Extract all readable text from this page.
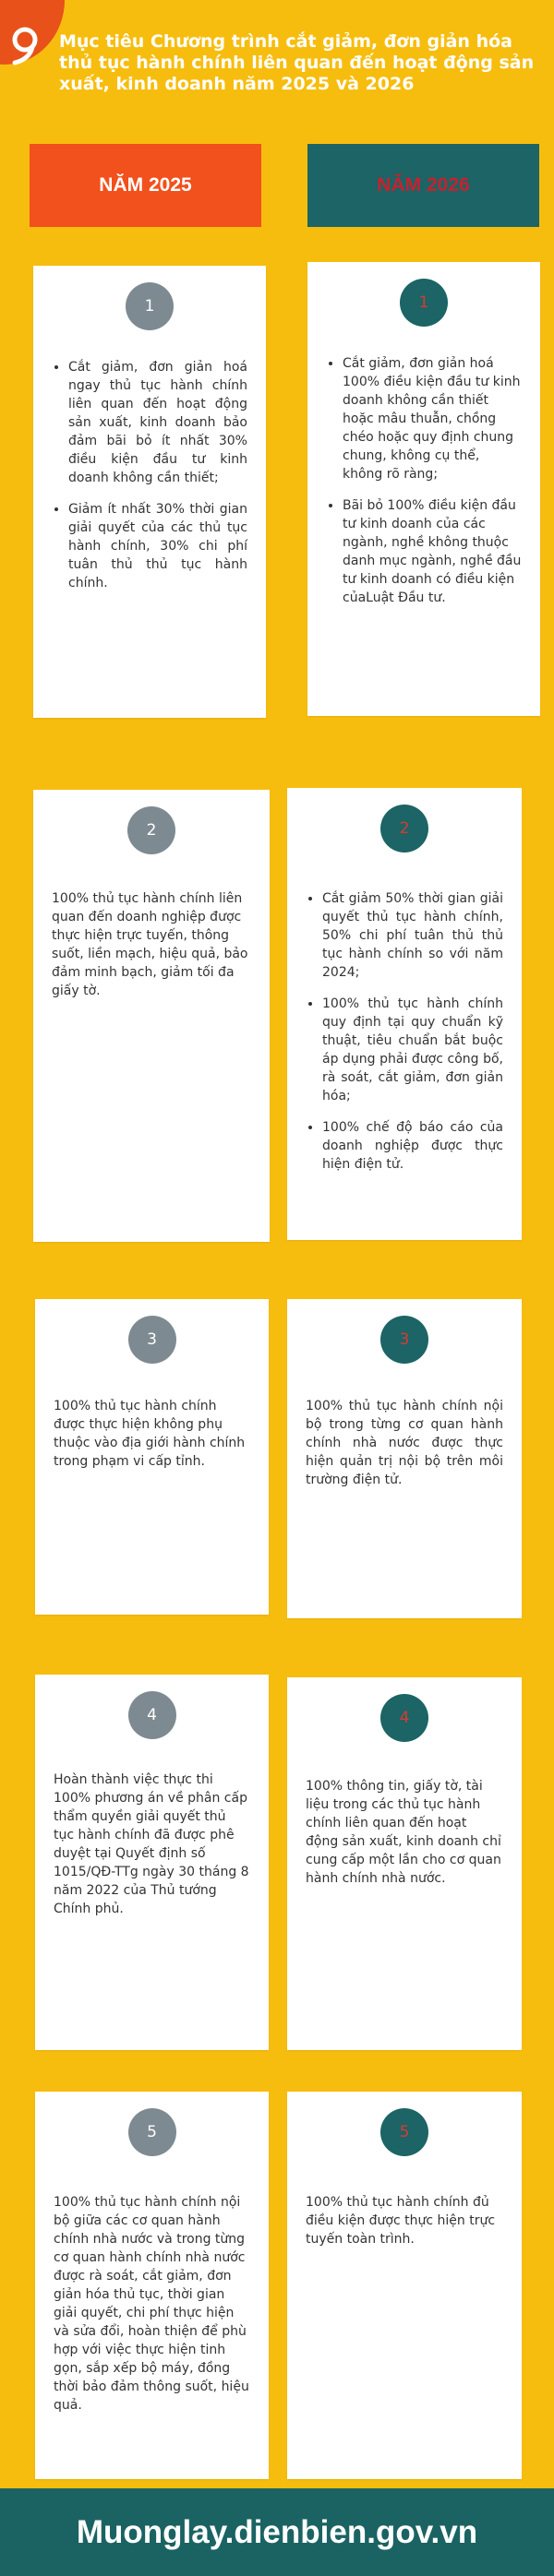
Mục tiêu Chương trình cắt giảm, đơn giản hóa thủ tục hành chính liên quan đến hoạt động sản xuất, kinh doanh năm 2025 và 2026
NĂM 2025	NĂM 2026
1
• Cắt giảm, đơn giản hoá ngay thủ tục hành chính liên quan đến hoạt động sản xuất, kinh doanh bảo đảm bãi bỏ ít nhất 30% điều kiện đầu tư kinh doanh không cần thiết;
• Giảm ít nhất 30% thời gian giải quyết của các thủ tục hành chính, 30% chi phí tuân thủ thủ tục hành chính.
1
• Cắt giảm, đơn giản hoá 100% điều kiện đầu tư kinh doanh không cần thiết hoặc mâu thuẫn, chồng chéo hoặc quy định chung chung, không cụ thể, không rõ ràng;
• Bãi bỏ 100% điều kiện đầu tư kinh doanh của các ngành, nghề không thuộc danh mục ngành, nghề đầu tư kinh doanh có điều kiện củaLuật Đầu tư.
2

100% thủ tục hành chính liên quan đến doanh nghiệp được thực hiện trực tuyến, thông suốt, liền mạch, hiệu quả, bảo đảm minh bạch, giảm tối đa giấy tờ.

2
• Cắt giảm 50% thời gian giải quyết thủ tục hành chính, 50% chi phí tuân thủ thủ tục hành chính so với năm 2024;
• 100% thủ tục hành chính quy định tại quy chuẩn kỹ thuật, tiêu chuẩn bắt buộc áp dụng phải được công bố, rà soát, cắt giảm, đơn giản hóa;
• 100% chế độ báo cáo của doanh nghiệp được thực hiện điện tử.
3

100% thủ tục hành chính được thực hiện không phụ thuộc vào địa giới hành chính trong phạm vi cấp tỉnh.

3

100% thủ tục hành chính nội bộ trong từng cơ quan hành chính nhà nước được thực hiện quản trị nội bộ trên môi trường điện tử.

4

Hoàn thành việc thực thi 100% phương án về phân cấp thẩm quyền giải quyết thủ tục hành chính đã được phê duyệt tại Quyết định số 1015/QĐ-TTg ngày 30 tháng 8 năm 2022 của Thủ tướng Chính phủ.

4

100% thông tin, giấy tờ, tài liệu trong các thủ tục hành chính liên quan đến hoạt động sản xuất, kinh doanh chỉ cung cấp một lần cho cơ quan hành chính nhà nước.

5

100% thủ tục hành chính nội bộ giữa các cơ quan hành chính nhà nước và trong từng cơ quan hành chính nhà nước được rà soát, cắt giảm, đơn giản hóa thủ tục, thời gian giải quyết, chi phí thực hiện và sửa đổi, hoàn thiện để phù hợp với việc thực hiện tinh gọn, sắp xếp bộ máy, đồng thời bảo đảm thông suốt, hiệu quả.

5

100% thủ tục hành chính đủ điều kiện được thực hiện trực tuyến toàn trình.

Muonglay.dienbien.gov.vn
